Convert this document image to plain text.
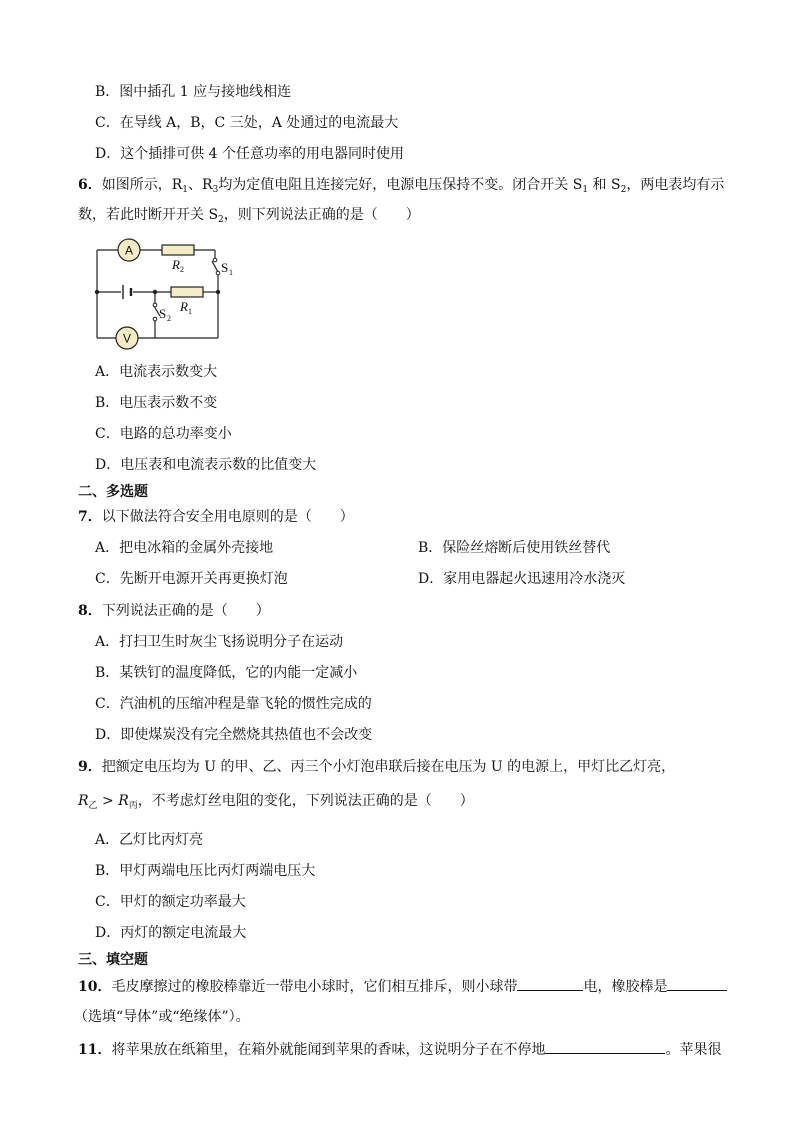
B．图中插孔 1 应与接地线相连
C．在导线 A，B，C 三处，A 处通过的电流最大
D．这个插排可供 4 个任意功率的用电器同时使用
6．如图所示，$R_1$、$R_3$均为定值电阻且连接完好，电源电压保持不变。闭合开关 $S_1$ 和 $S_2$，两电表均有示
数，若此时断开开关 $S_2$，则下列说法正确的是（　　）
A
V
R 2
R 1
S 1
S 2
A．电流表示数变大
B．电压表示数不变
C．电路的总功率变小
D．电压表和电流表示数的比值变大
二、多选题
7．以下做法符合安全用电原则的是（　　）
A．把电冰箱的金属外壳接地	B．保险丝熔断后使用铁丝替代
C．先断开电源开关再更换灯泡	D．家用电器起火迅速用冷水浇灭
8．下列说法正确的是（　　）
A．打扫卫生时灰尘飞扬说明分子在运动
B．某铁钉的温度降低，它的内能一定减小
C．汽油机的压缩冲程是靠飞轮的惯性完成的
D．即使煤炭没有完全燃烧其热值也不会改变
9．把额定电压均为 U 的甲、乙、丙三个小灯泡串联后接在电压为 U 的电源上，甲灯比乙灯亮，
$R_乙 > R_丙$，不考虑灯丝电阻的变化，下列说法正确的是（　　）
A．乙灯比丙灯亮
B．甲灯两端电压比丙灯两端电压大
C．甲灯的额定功率最大
D．丙灯的额定电流最大
三、填空题
10．毛皮摩擦过的橡胶棒靠近一带电小球时，它们相互排斥，则小球带	电，橡胶棒是
（选填“导体”或“绝缘体”）。
11．将苹果放在纸箱里，在箱外就能闻到苹果的香味，这说明分子在不停地	。苹果很
